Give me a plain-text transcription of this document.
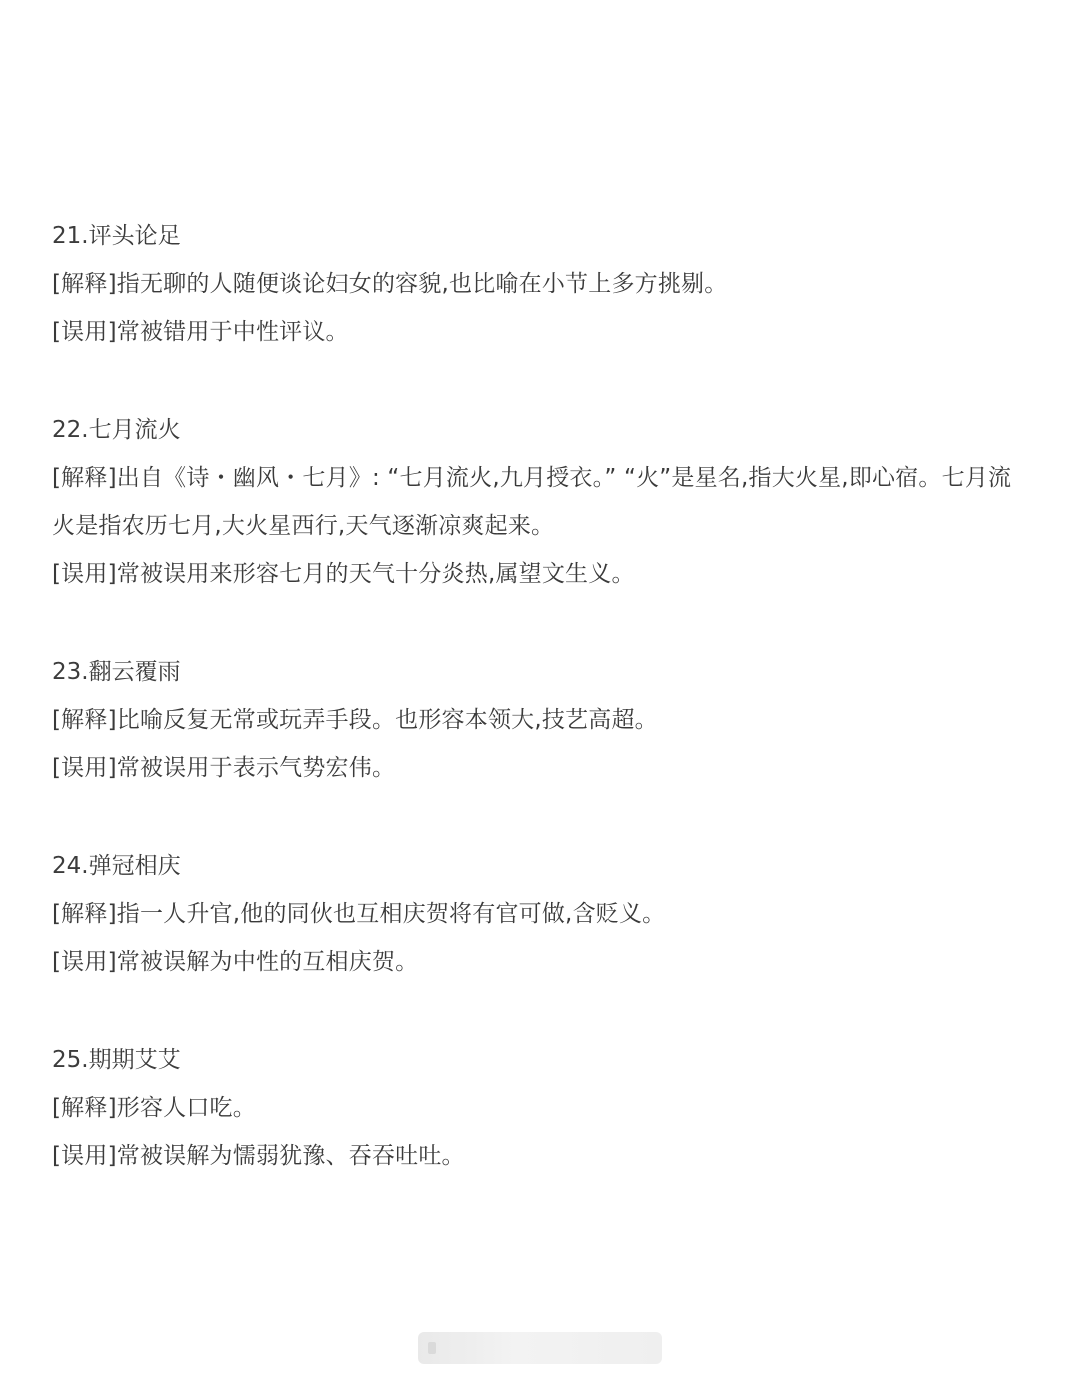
21.评头论足
[解释]指无聊的人随便谈论妇女的容貌,也比喻在小节上多方挑剔。
[误用]常被错用于中性评议。
22.七月流火
[解释]出自《诗・幽风・七月》: “七月流火,九月授衣。” “火”是星名,指大火星,即心宿。七月流火是指农历七月,大火星西行,天气逐渐凉爽起来。
[误用]常被误用来形容七月的天气十分炎热,属望文生义。
23.翻云覆雨
[解释]比喻反复无常或玩弄手段。也形容本领大,技艺高超。
[误用]常被误用于表示气势宏伟。
24.弹冠相庆
[解释]指一人升官,他的同伙也互相庆贺将有官可做,含贬义。
[误用]常被误解为中性的互相庆贺。
25.期期艾艾
[解释]形容人口吃。
[误用]常被误解为懦弱犹豫、吞吞吐吐。
